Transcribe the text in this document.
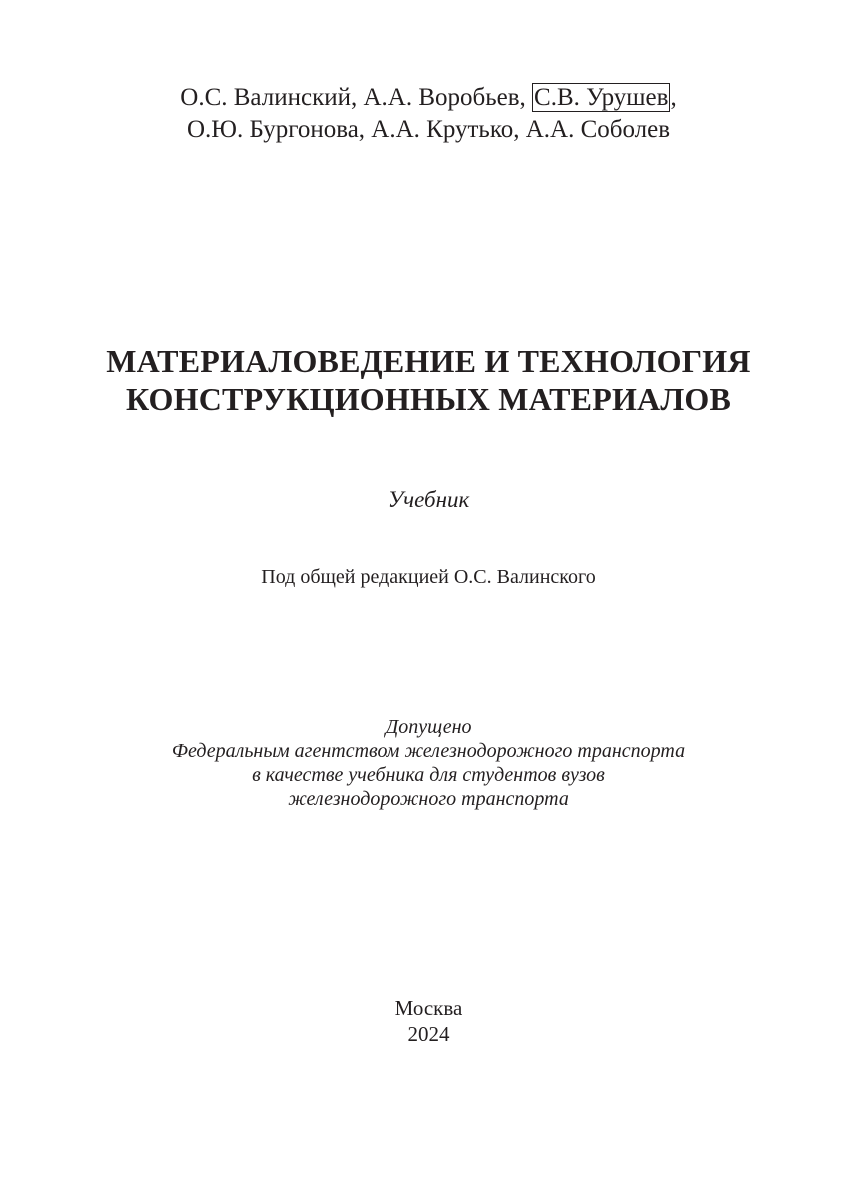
О.С. Валинский, А.А. Воробьев, С.В. Урушев,
О.Ю. Бургонова, А.А. Крутько, А.А. Соболев
МАТЕРИАЛОВЕДЕНИЕ И ТЕХНОЛОГИЯ
КОНСТРУКЦИОННЫХ МАТЕРИАЛОВ
Учебник
Под общей редакцией О.С. Валинского
Допущено
Федеральным агентством железнодорожного транспорта
в качестве учебника для студентов вузов
железнодорожного транспорта
Москва
2024
